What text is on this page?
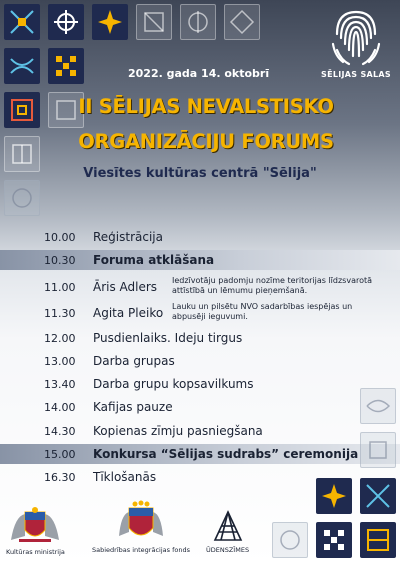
SĒLIJAS SALAS
2022. gada 14. oktobrī
II SĒLIJAS NEVALSTISKO
ORGANIZĀCIJU FORUMS
Viesītes kultūras centrā "Sēlija"
10.00 Reģistrācija
10.30 Foruma atklāšana
11.00 Āris Adlers Iedzīvotāju padomju nozīme teritorijas līdzsvarotā attīstībā un lēmumu pieņemšanā.
11.30 Agita Pleiko Lauku un pilsētu NVO sadarbības iespējas un abpusēji ieguvumi.
12.00 Pusdienlaiks. Ideju tirgus
13.00 Darba grupas
13.40 Darba grupu kopsavilkums
14.00 Kafijas pauze
14.30 Kopienas zīmju pasniegšana
15.00 Konkursa “Sēlijas sudrabs” ceremonija
16.30 Tīklošanās
Kultūras ministrija	Sabiedrības integrācijas fonds ŪDENSZĪMES
